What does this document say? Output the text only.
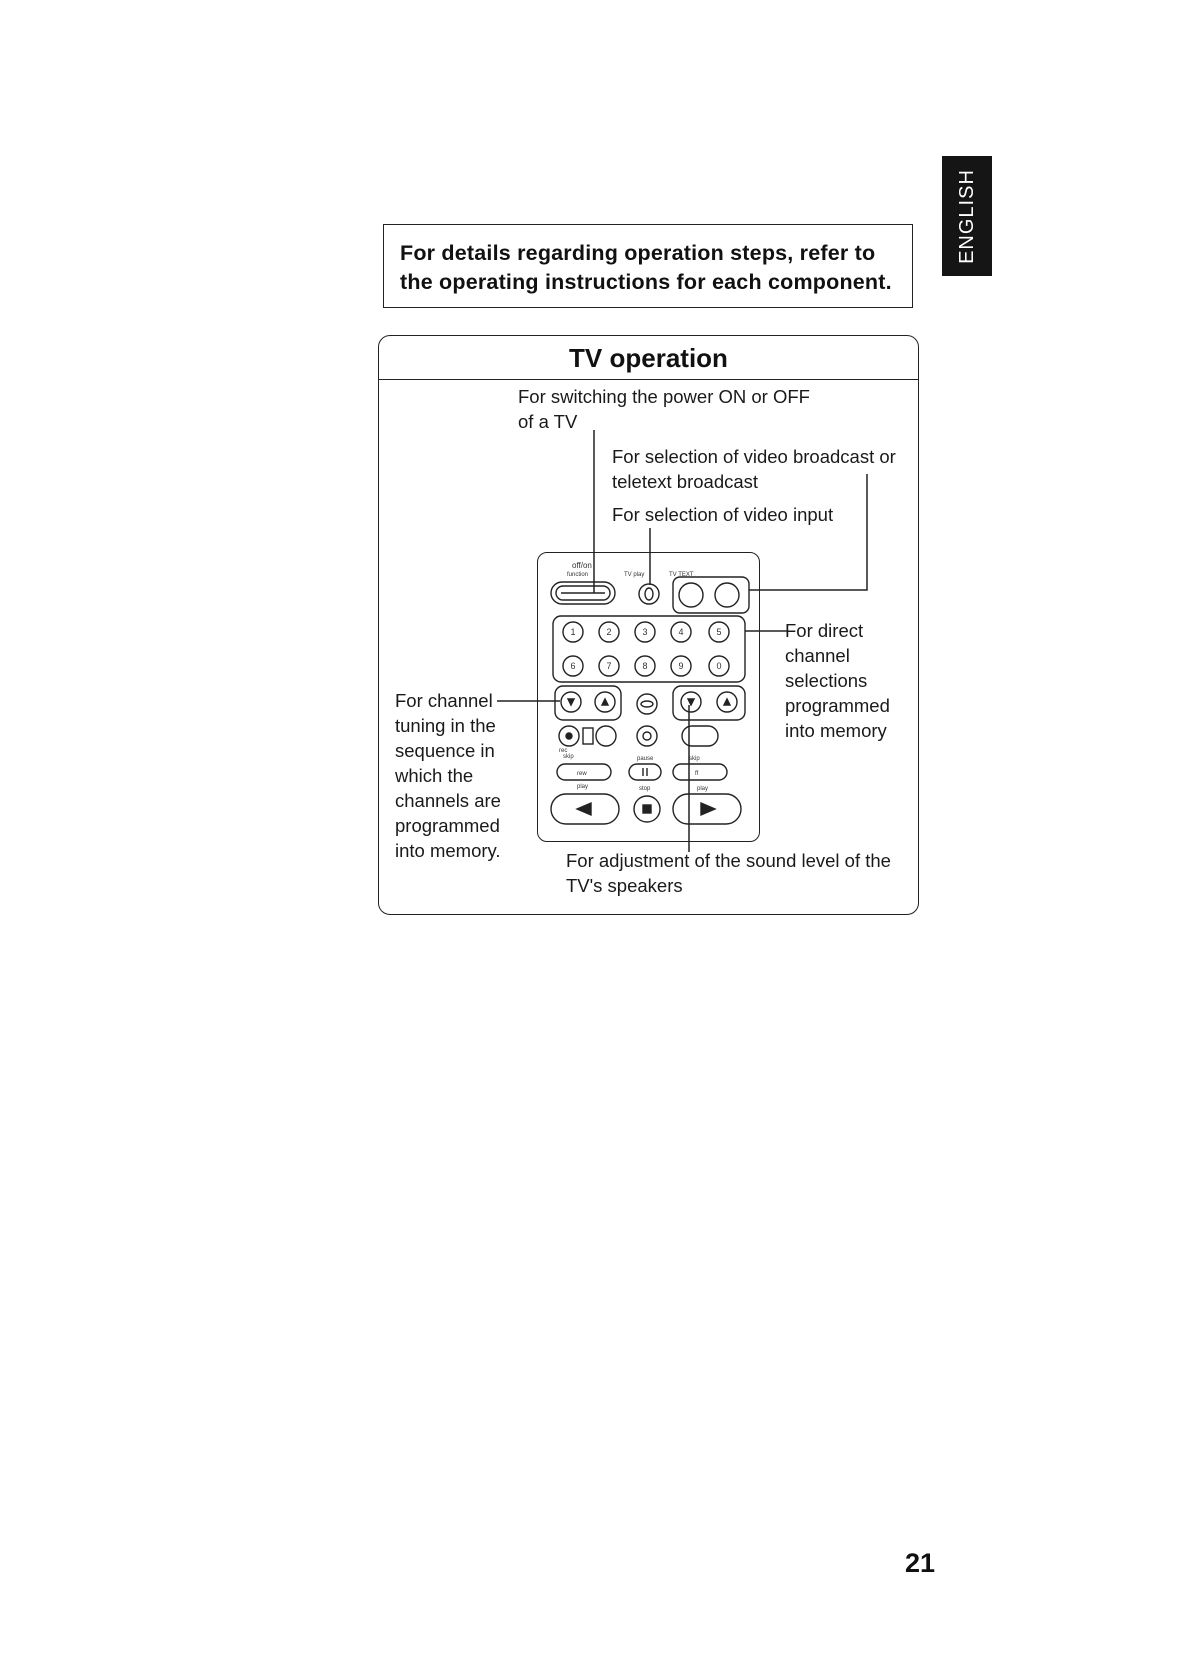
ENGLISH

For details regarding operation steps, refer to

the operating instructions for each component.

TV operation
For switching the power ON or OFF
of a TV
For selection of video broadcast or
teletext broadcast
For selection of video input
For direct
channel
selections
programmed
into memory
For channel
tuning in the
sequence in
which the
channels are
programmed
into memory.	For adjustment of the sound level of the
TV's speakers
off/on
function	TV play	TV TEXT
1	2	3	4	5
6	7	8	9	0
rec
skip	pause	skip
rew	ff
play	stop	play
21
